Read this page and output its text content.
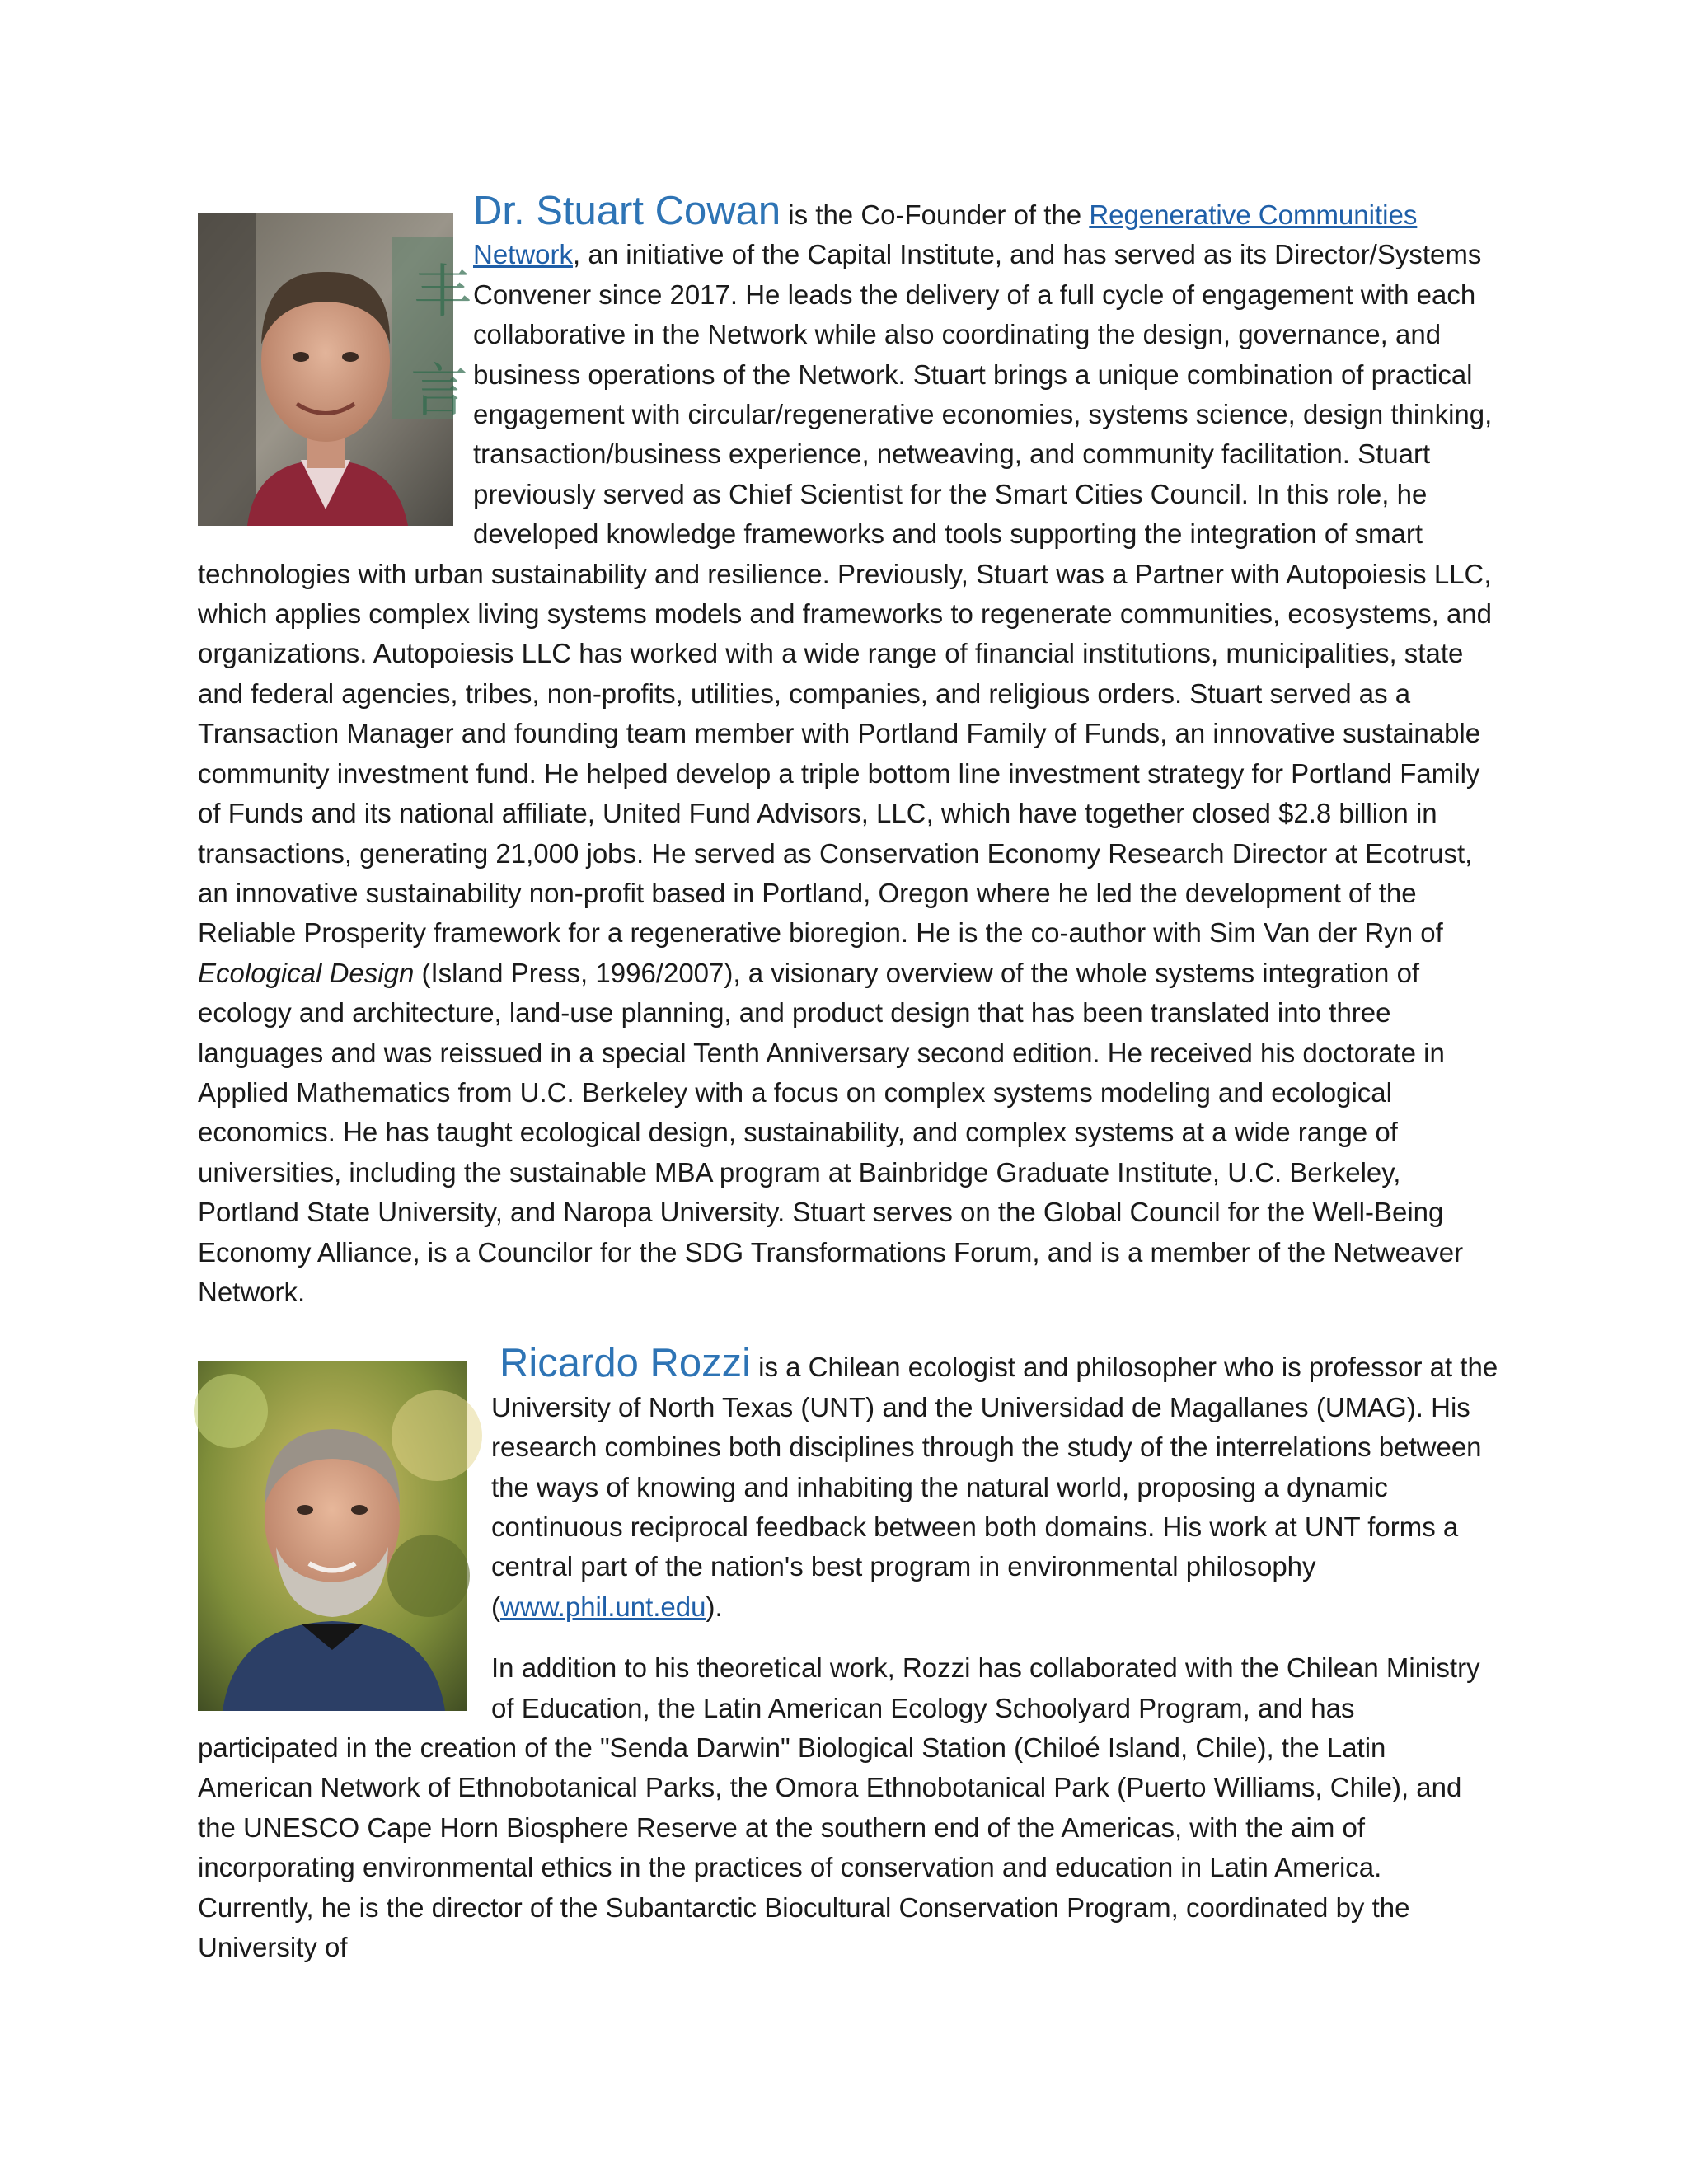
丰
言

Dr. Stuart Cowan is the Co-Founder of the Regenerative Communities Network, an initiative of the Capital Institute, and has served as its Director/Systems Convener since 2017. He leads the delivery of a full cycle of engagement with each collaborative in the Network while also coordinating the design, governance, and business operations of the Network. Stuart brings a unique combination of practical engagement with circular/regenerative economies, systems science, design thinking, transaction/business experience, netweaving, and community facilitation. Stuart previously served as Chief Scientist for the Smart Cities Council. In this role, he developed knowledge frameworks and tools supporting the integration of smart technologies with urban sustainability and resilience. Previously, Stuart was a Partner with Autopoiesis LLC, which applies complex living systems models and frameworks to regenerate communities, ecosystems, and organizations. Autopoiesis LLC has worked with a wide range of financial institutions, municipalities, state and federal agencies, tribes, non-profits, utilities, companies, and religious orders. Stuart served as a Transaction Manager and founding team member with Portland Family of Funds, an innovative sustainable community investment fund. He helped develop a triple bottom line investment strategy for Portland Family of Funds and its national affiliate, United Fund Advisors, LLC, which have together closed $2.8 billion in transactions, generating 21,000 jobs. He served as Conservation Economy Research Director at Ecotrust, an innovative sustainability non-profit based in Portland, Oregon where he led the development of the Reliable Prosperity framework for a regenerative bioregion. He is the co-author with Sim Van der Ryn of Ecological Design (Island Press, 1996/2007), a visionary overview of the whole systems integration of ecology and architecture, land-use planning, and product design that has been translated into three languages and was reissued in a special Tenth Anniversary second edition. He received his doctorate in Applied Mathematics from U.C. Berkeley with a focus on complex systems modeling and ecological economics. He has taught ecological design, sustainability, and complex systems at a wide range of universities, including the sustainable MBA program at Bainbridge Graduate Institute, U.C. Berkeley, Portland State University, and Naropa University. Stuart serves on the Global Council for the Well-Being Economy Alliance, is a Councilor for the SDG Transformations Forum, and is a member of the Netweaver Network.

Ricardo Rozzi is a Chilean ecologist and philosopher who is professor at the University of North Texas (UNT) and the Universidad de Magallanes (UMAG). His research combines both disciplines through the study of the interrelations between the ways of knowing and inhabiting the natural world, proposing a dynamic continuous reciprocal feedback between both domains. His work at UNT forms a central part of the nation's best program in environmental philosophy (www.phil.unt.edu).

In addition to his theoretical work, Rozzi has collaborated with the Chilean Ministry of Education, the Latin American Ecology Schoolyard Program, and has participated in the creation of the "Senda Darwin" Biological Station (Chiloé Island, Chile), the Latin American Network of Ethnobotanical Parks, the Omora Ethnobotanical Park (Puerto Williams, Chile), and the UNESCO Cape Horn Biosphere Reserve at the southern end of the Americas, with the aim of incorporating environmental ethics in the practices of conservation and education in Latin America. Currently, he is the director of the Subantarctic Biocultural Conservation Program, coordinated by the University of
